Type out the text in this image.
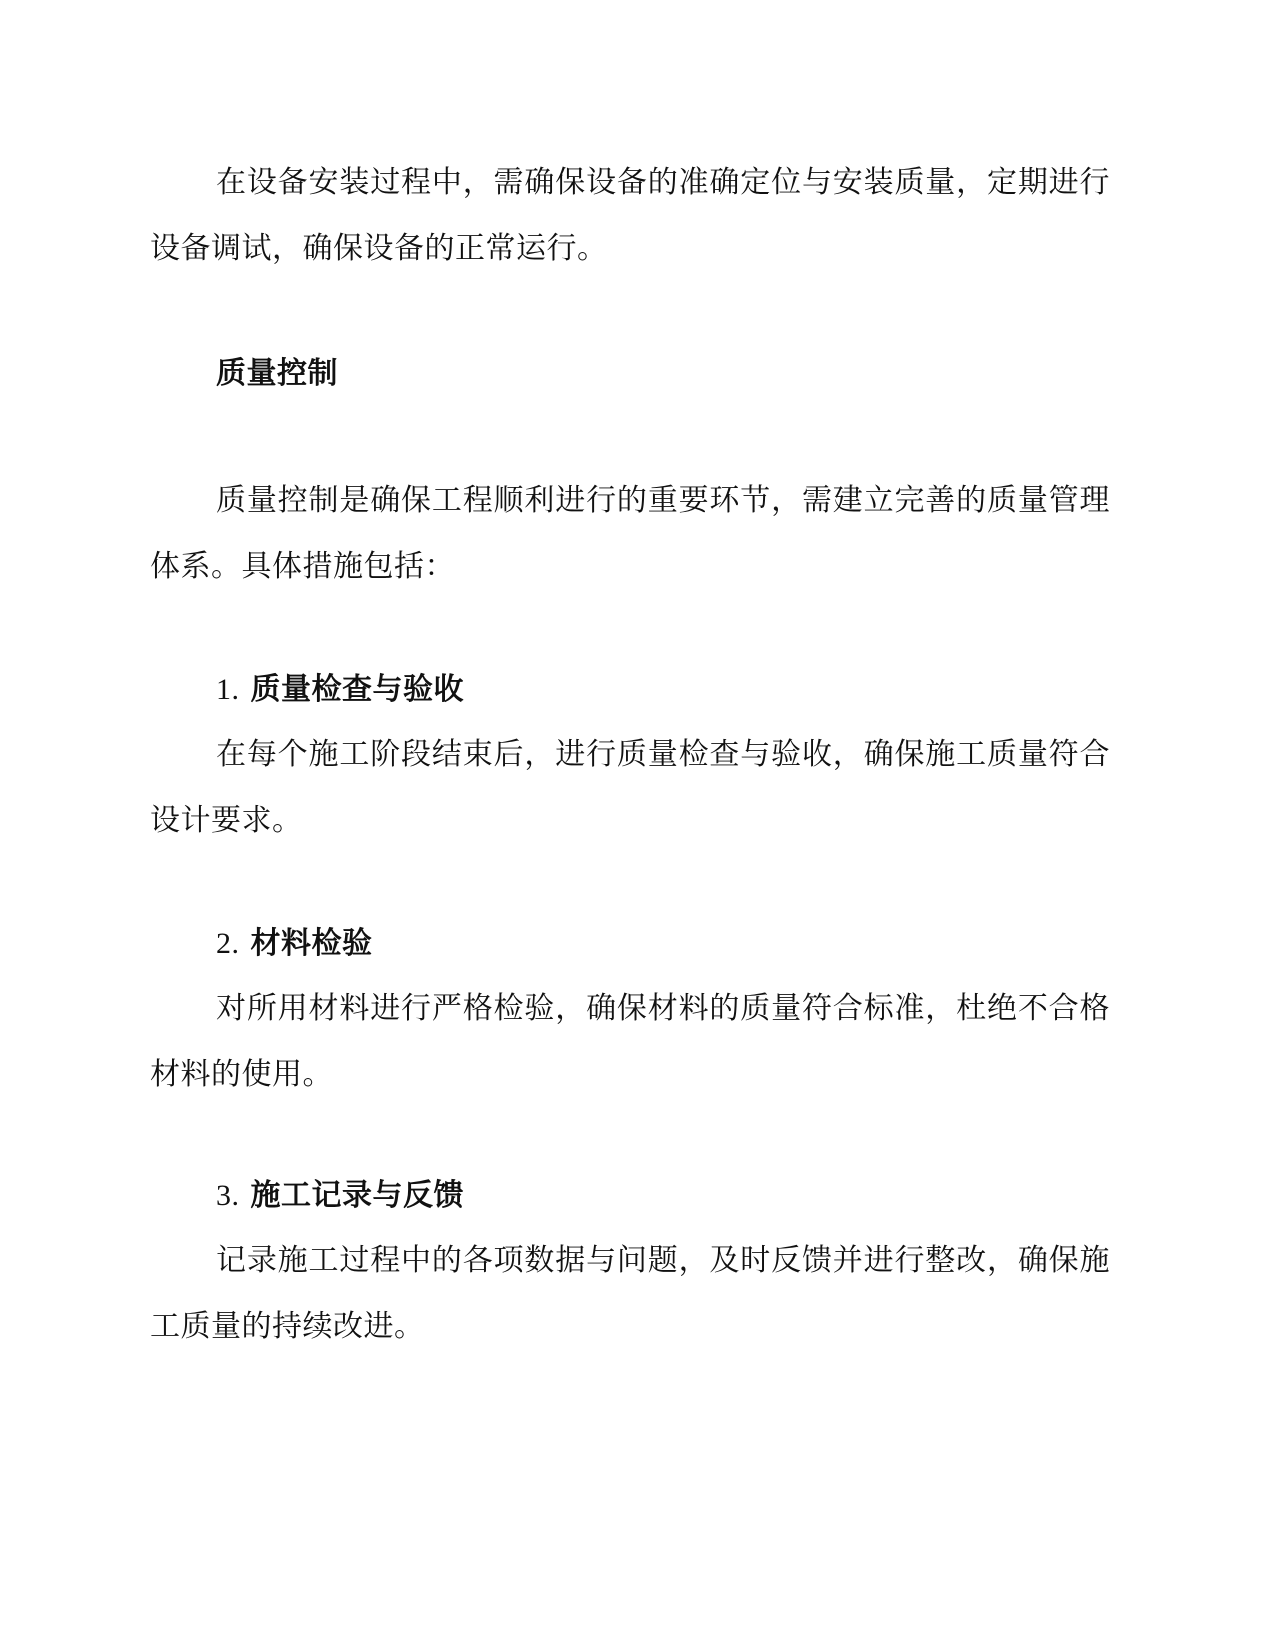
在设备安装过程中，需确保设备的准确定位与安装质量，定期进行设备调试，确保设备的正常运行。

质量控制

质量控制是确保工程顺利进行的重要环节，需建立完善的质量管理体系。具体措施包括：

1. 质量检查与验收

在每个施工阶段结束后，进行质量检查与验收，确保施工质量符合设计要求。

2. 材料检验

对所用材料进行严格检验，确保材料的质量符合标准，杜绝不合格材料的使用。

3. 施工记录与反馈

记录施工过程中的各项数据与问题，及时反馈并进行整改，确保施工质量的持续改进。
